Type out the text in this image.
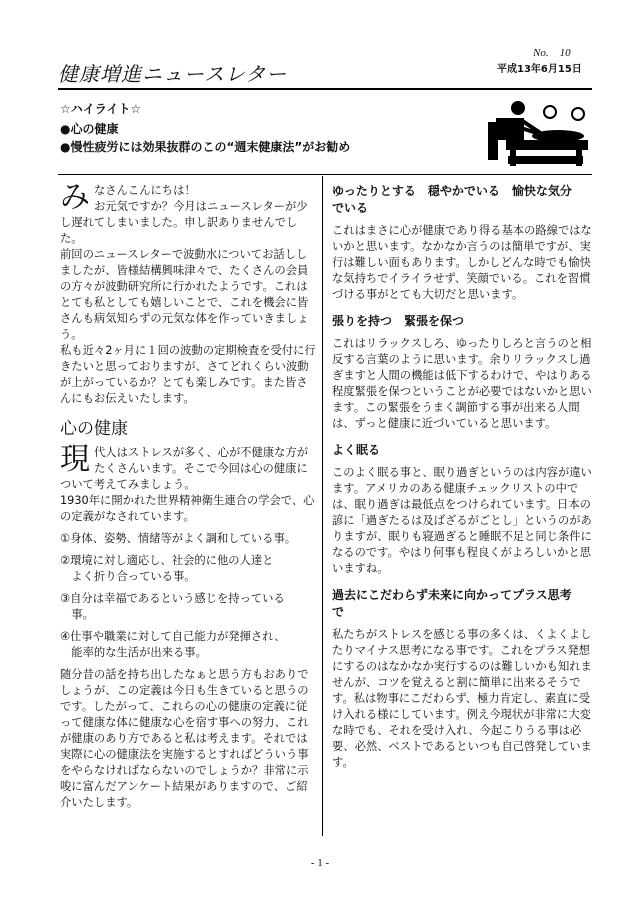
No.　10
平成13年6月15日
健康増進ニュースレター
☆ハイライト☆
●心の健康
●慢性疲労には効果抜群のこの“週末健康法”がお勧め
み なさんこんにちは！
お元気ですか？今月はニュースレターが少し遅れてしまいました。申し訳ありませんでした。

前回のニュースレターで波動水についてお話ししましたが、皆様結構興味津々で、たくさんの会員の方々が波動研究所に行かれたようです。これはとても私としても嬉しいことで、これを機会に皆さんも病気知らずの元気な体を作っていきましょう。

私も近々2ヶ月に１回の波動の定期検査を受付に行きたいと思っておりますが、さてどれくらい波動が上がっているか？とても楽しみです。また皆さんにもお伝えいたします。

心の健康
現 代人はストレスが多く、心が不健康な方がたくさんいます。そこで今回は心の健康について考えてみましょう。

1930年に開かれた世界精神衛生連合の学会で、心の定義がなされています。

①身体、姿勢、情緒等がよく調和している事。

②環境に対し適応し、社会的に他の人達と
　よく折り合っている事。

③自分は幸福であるという感じを持っている
　事。

④仕事や職業に対して自己能力が発揮され、
　能率的な生活が出来る事。

随分昔の話を持ち出したなぁと思う方もおありでしょうが、この定義は今日も生きていると思うのです。したがって、これらの心の健康の定義に従って健康な体に健康な心を宿す事への努力、これが健康のあり方であると私は考えます。それでは実際に心の健康法を実施するとすればどういう事をやらなければならないのでしょうか？非常に示唆に富んだアンケート結果がありますので、ご紹介いたします。

ゆったりとする　穏やかでいる　愉快な気分
でいる

これはまさに心が健康であり得る基本の路線ではないかと思います。なかなか言うのは簡単ですが、実行は難しい面もあります。しかしどんな時でも愉快な気持ちでイライラせず、笑顔でいる。これを習慣づける事がとても大切だと思います。

張りを持つ　緊張を保つ

これはリラックスしろ、ゆったりしろと言うのと相反する言葉のように思います。余りリラックスし過ぎますと人間の機能は低下するわけで、やはりある程度緊張を保つということが必要ではないかと思います。この緊張をうまく調節する事が出来る人間は、ずっと健康に近づいていると思います。

よく眠る

このよく眠る事と、眠り過ぎというのは内容が違います。アメリカのある健康チェックリストの中では、眠り過ぎは最低点をつけられています。日本の諺に「過ぎたるは及ばざるがごとし」というのがありますが、眠りも寝過ぎると睡眠不足と同じ条件になるのです。やはり何事も程良くがよろしいかと思いますね。

過去にこだわらず未来に向かってプラス思考
で

私たちがストレスを感じる事の多くは、くよくよしたりマイナス思考になる事です。これをプラス発想にするのはなかなか実行するのは難しいかも知れませんが、コツを覚えると割に簡単に出来るそうです。私は物事にこだわらず、極力肯定し、素直に受け入れる様にしています。例え今現状が非常に大変な時でも、それを受け入れ、今起こりうる事は必要、必然、ベストであるといつも自己啓発しています。

- 1 -
